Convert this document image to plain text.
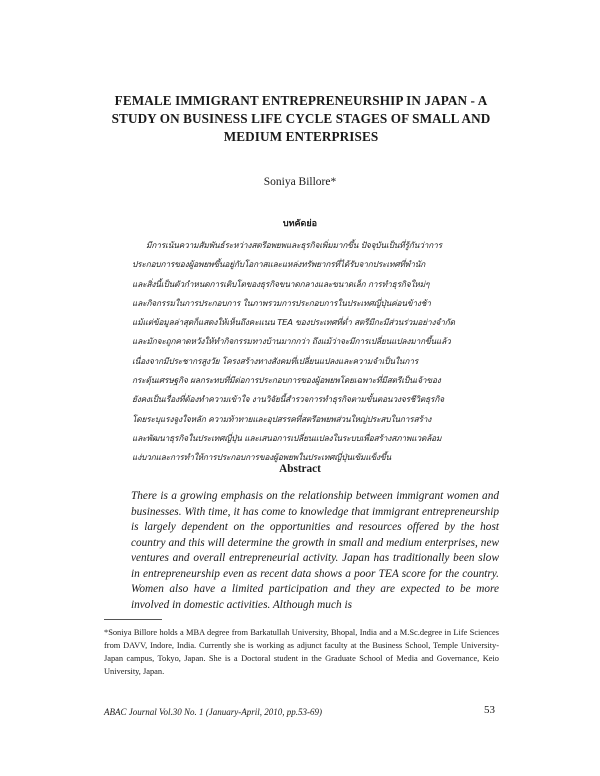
FEMALE IMMIGRANT ENTREPRENEURSHIP IN JAPAN - A STUDY ON BUSINESS LIFE CYCLE STAGES OF SMALL AND MEDIUM ENTERPRISES
Soniya Billore*
บทคัดย่อ
มีการเน้นความสัมพันธ์ระหว่างสตรีอพยพและธุรกิจเพิ่มมากขึ้น ปัจจุบันเป็นที่รู้กันว่าการ
ประกอบการของผู้อพยพขึ้นอยู่กับโอกาสและแหล่งทรัพยากรที่ได้รับจากประเทศที่พำนัก
และสิ่งนี้เป็นตัวกำหนดการเติบโตของธุรกิจขนาดกลางและขนาดเล็ก การทำธุรกิจใหม่ๆ
และกิจกรรมในการประกอบการ ในภาพรวมการประกอบการในประเทศญี่ปุ่นค่อนข้างช้า
แม้แต่ข้อมูลล่าสุดก็แสดงให้เห็นถึงคะแนน TEA ของประเทศที่ต่ำ สตรีมีกะมีส่วนร่วมอย่างจำกัด
และมักจะถูกคาดหวังให้ทำกิจกรรมทางบ้านมากกว่า ถึงแม้ว่าจะมีการเปลี่ยนแปลงมากขึ้นแล้ว
เนื่องจากมีประชากรสูงวัย โครงสร้างทางสังคมที่เปลี่ยนแปลงและความจำเป็นในการ
กระตุ้นเศรษฐกิจ ผลกระทบที่มีต่อการประกอบการของผู้อพยพโดยเฉพาะที่มีสตรีเป็นเจ้าของ
ยังคงเป็นเรื่องที่ต้องทำความเข้าใจ งานวิจัยนี้สำรวจการทำธุรกิจตามขั้นตอนวงจรชีวิตธุรกิจ
โดยระบุแรงจูงใจหลัก ความท้าทายและอุปสรรคที่สตรีอพยพส่วนใหญ่ประสบในการสร้าง
และพัฒนาธุรกิจในประเทศญี่ปุ่น และเสนอการเปลี่ยนแปลงในระบบเพื่อสร้างสภาพแวดล้อม
แง่บวกและการทำให้การประกอบการของผู้อพยพในประเทศญี่ปุ่นเข้มแข็งขึ้น
Abstract
There is a growing emphasis on the relationship between immigrant women and businesses. With time, it has come to knowledge that immigrant entrepreneurship is largely dependent on the opportunities and resources offered by the host country and this will determine the growth in small and medium enterprises, new ventures and overall entrepreneurial activity. Japan has traditionally been slow in entrepreneurship even as recent data shows a poor TEA score for the country. Women also have a limited participation and they are expected to be more involved in domestic activities. Although much is
*Soniya Billore holds a MBA degree from Barkatullah University, Bhopal, India and a M.Sc.degree in Life Sciences from DAVV, Indore, India. Currently she is working as adjunct faculty at the Business School, Temple University-Japan campus, Tokyo, Japan. She is a Doctoral student in the Graduate School of Media and Governance, Keio University, Japan.
ABAC Journal Vol.30 No. 1 (January-April, 2010, pp.53-69)	53
